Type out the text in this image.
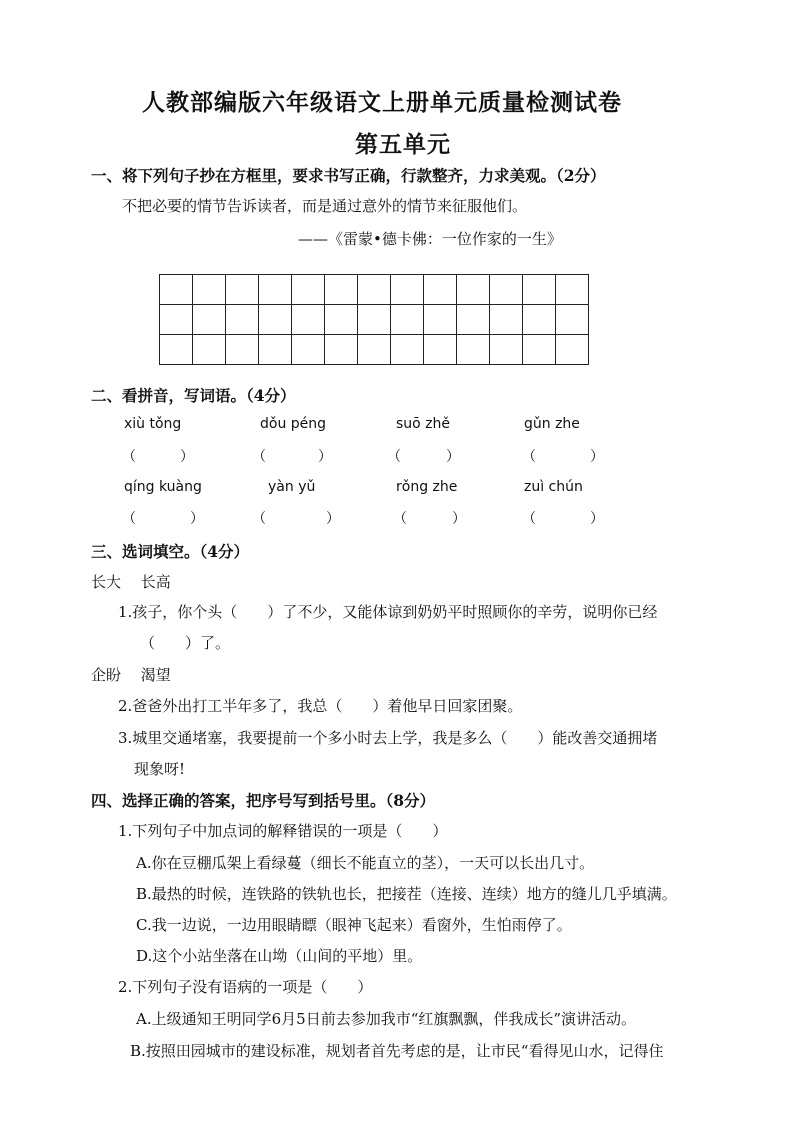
人教部编版六年级语文上册单元质量检测试卷
第五单元
一、将下列句子抄在方框里，要求书写正确，行款整齐，力求美观。（2分）
不把必要的情节告诉读者，而是通过意外的情节来征服他们。
——《雷蒙•德卡佛：一位作家的一生》

二、看拼音，写词语。（4分）
xiù tǒng	dǒu péng	suō zhě	gǔn zhe
（	）	（	）	（	）	（	）
qíng kuàng	yàn yǔ	rǒng zhe	zuì chún
（	）	（	）	（	）	（	）
三、选词填空。（4分）
长大　 长高
1.孩子，你个头（　　）了不少，又能体谅到奶奶平时照顾你的辛劳，说明你已经
（　　）了。
企盼　 渴望
2.爸爸外出打工半年多了，我总（　　）着他早日回家团聚。
3.城里交通堵塞，我要提前一个多小时去上学，我是多么（　　）能改善交通拥堵
现象呀!
四、选择正确的答案，把序号写到括号里。（8分）
1.下列句子中加点词的解释错误的一项是（　　）
A.你在豆棚瓜架上看绿蔓（细长不能直立的茎），一天可以长出几寸。
B.最热的时候，连铁路的铁轨也长，把接茬（连接、连续）地方的缝儿几乎填满。
C.我一边说，一边用眼睛瞟（眼神飞起来）看窗外，生怕雨停了。
D.这个小站坐落在山坳（山间的平地）里。
2.下列句子没有语病的一项是（　　）
A.上级通知王明同学6月5日前去参加我市“红旗飘飘，伴我成长”演讲活动。
B.按照田园城市的建设标准，规划者首先考虑的是，让市民“看得见山水，记得住
